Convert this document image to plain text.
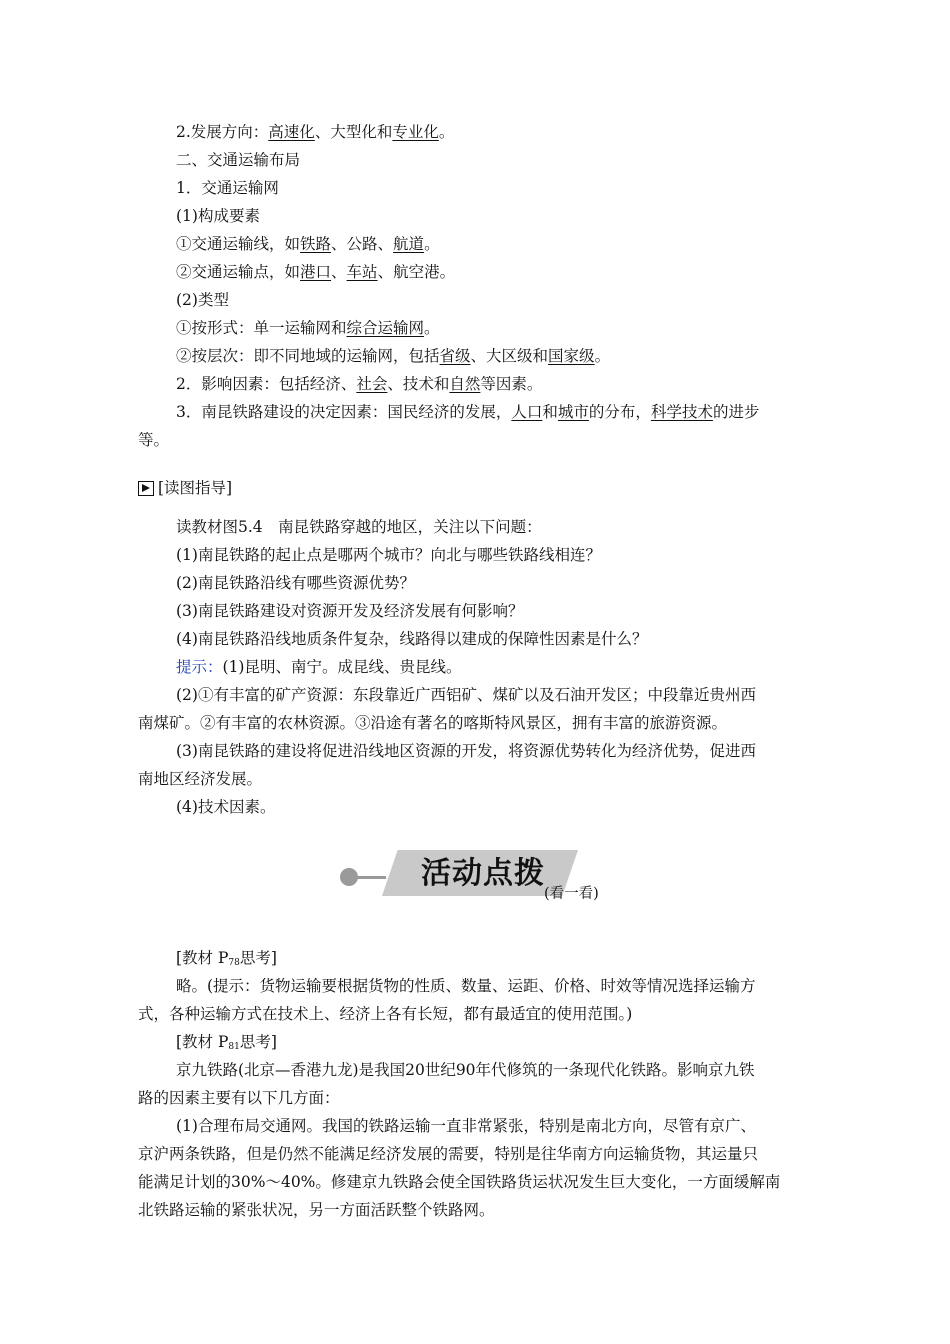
2.发展方向：高速化、大型化和专业化。
二、交通运输布局
1．交通运输网
(1)构成要素
①交通运输线，如铁路、公路、航道。
②交通运输点，如港口、车站、航空港。
(2)类型
①按形式：单一运输网和综合运输网。
②按层次：即不同地域的运输网，包括省级、大区级和国家级。
2．影响因素：包括经济、社会、技术和自然等因素。
3．南昆铁路建设的决定因素：国民经济的发展，人口和城市的分布，科学技术的进步
等。
[读图指导]
读教材图5.4　南昆铁路穿越的地区，关注以下问题：
(1)南昆铁路的起止点是哪两个城市？向北与哪些铁路线相连？
(2)南昆铁路沿线有哪些资源优势？
(3)南昆铁路建设对资源开发及经济发展有何影响？
(4)南昆铁路沿线地质条件复杂，线路得以建成的保障性因素是什么？
提示：(1)昆明、南宁。成昆线、贵昆线。
(2)①有丰富的矿产资源：东段靠近广西铝矿、煤矿以及石油开发区；中段靠近贵州西
南煤矿。②有丰富的农林资源。③沿途有著名的喀斯特风景区，拥有丰富的旅游资源。
(3)南昆铁路的建设将促进沿线地区资源的开发，将资源优势转化为经济优势，促进西
南地区经济发展。
(4)技术因素。
活动点拨
(看一看)
[教材 $P_{78}$思考]
略。(提示：货物运输要根据货物的性质、数量、运距、价格、时效等情况选择运输方
式，各种运输方式在技术上、经济上各有长短，都有最适宜的使用范围。)
[教材 $P_{81}$思考]
京九铁路(北京—香港九龙)是我国20世纪90年代修筑的一条现代化铁路。影响京九铁
路的因素主要有以下几方面：
(1)合理布局交通网。我国的铁路运输一直非常紧张，特别是南北方向，尽管有京广、
京沪两条铁路，但是仍然不能满足经济发展的需要，特别是往华南方向运输货物，其运量只
能满足计划的30%～40%。修建京九铁路会使全国铁路货运状况发生巨大变化，一方面缓解南
北铁路运输的紧张状况，另一方面活跃整个铁路网。
